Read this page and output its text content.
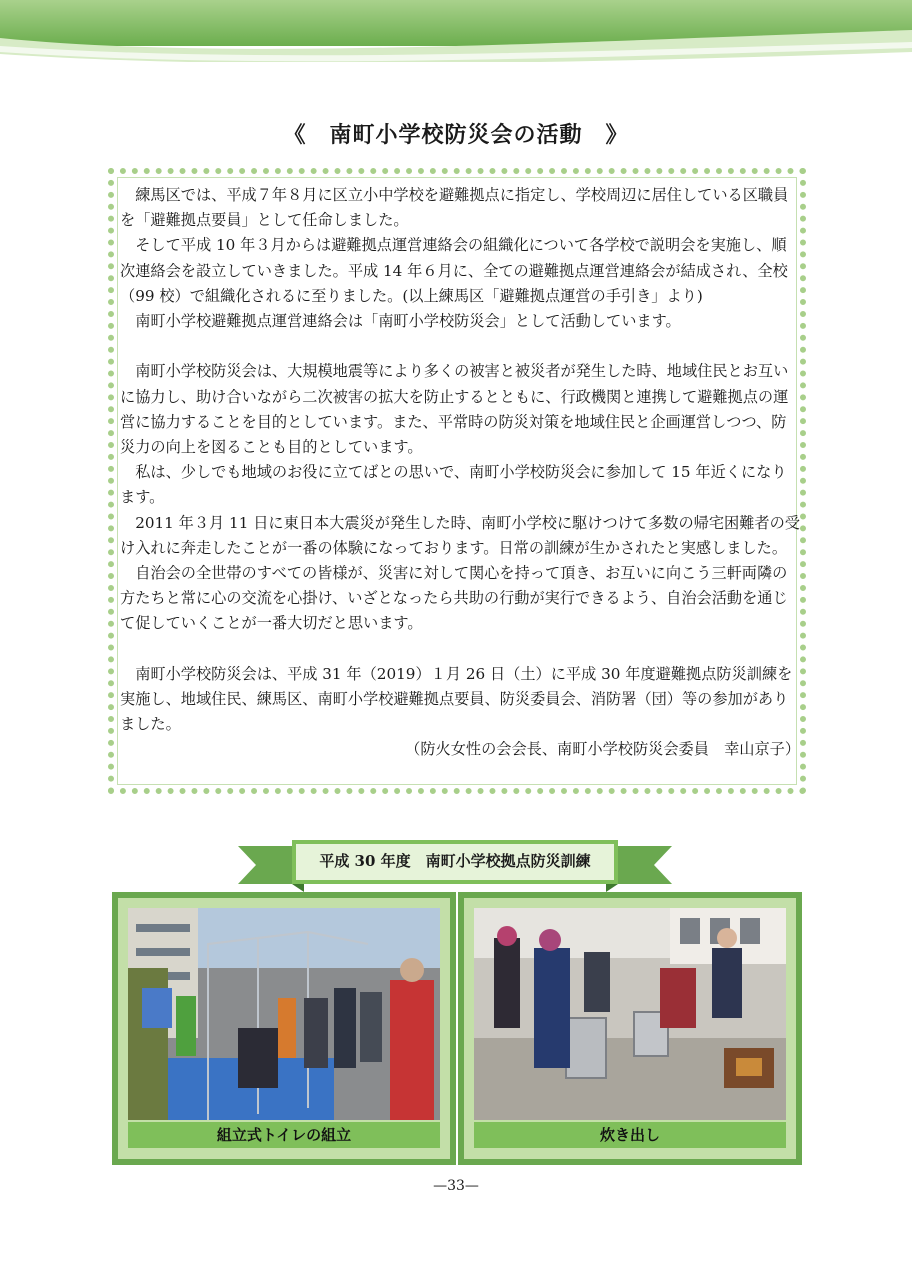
《　南町小学校防災会の活動　》

練馬区では、平成７年８月に区立小中学校を避難拠点に指定し、学校周辺に居住している区職員を「避難拠点要員」として任命しました。

そして平成 10 年３月からは避難拠点運営連絡会の組織化について各学校で説明会を実施し、順次連絡会を設立していきました。平成 14 年６月に、全ての避難拠点運営連絡会が結成され、全校（99 校）で組織化されるに至りました。(以上練馬区「避難拠点運営の手引き」より)

南町小学校避難拠点運営連絡会は「南町小学校防災会」として活動しています。

南町小学校防災会は、大規模地震等により多くの被害と被災者が発生した時、地域住民とお互いに協力し、助け合いながら二次被害の拡大を防止するとともに、行政機関と連携して避難拠点の運営に協力することを目的としています。また、平常時の防災対策を地域住民と企画運営しつつ、防災力の向上を図ることも目的としています。

私は、少しでも地域のお役に立てばとの思いで、南町小学校防災会に参加して 15 年近くになります。

2011 年３月 11 日に東日本大震災が発生した時、南町小学校に駆けつけて多数の帰宅困難者の受け入れに奔走したことが一番の体験になっております。日常の訓練が生かされたと実感しました。

自治会の全世帯のすべての皆様が、災害に対して関心を持って頂き、お互いに向こう三軒両隣の方たちと常に心の交流を心掛け、いざとなったら共助の行動が実行できるよう、自治会活動を通じて促していくことが一番大切だと思います。

南町小学校防災会は、平成 31 年（2019）１月 26 日（土）に平成 30 年度避難拠点防災訓練を実施し、地域住民、練馬区、南町小学校避難拠点要員、防災委員会、消防署（団）等の参加がありました。

（防火女性の会会長、南町小学校防災会委員　幸山京子）

平成 30 年度　南町小学校拠点防災訓練
組立式トイレの組立	炊き出し
—33—
